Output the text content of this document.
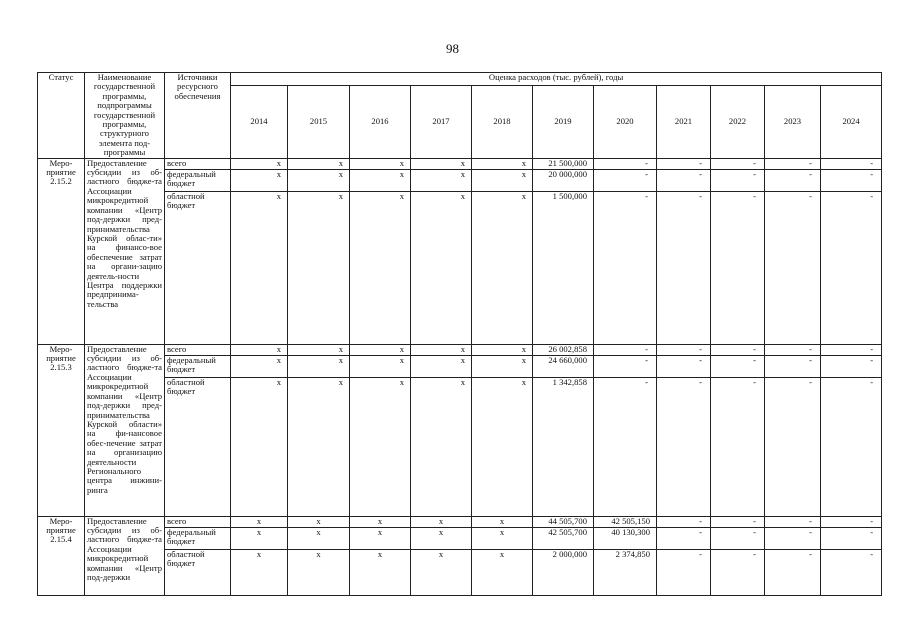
98
Статус	Наименование государственной программы, подпрограммы государственной программы, структурного элемента под-программы	Источники ресурсного обеспечения	Оценка расходов (тыс. рублей), годы										
			2014	2015	2016	2017	2018	2019	2020	2021	2022	2023	2024
Меро-приятие 2.15.2	Предоставление субсидии из об-ластного бюдже-та Ассоциации микрокредитной компании «Центр под-держки пред-принимательства Курской облас-ти» на финансо-вое обеспечение затрат на органи-зацию деятель-ности Центра поддержки предпринима-тельства	всего	x	x	x	x	x	21 500,000	-	-	-	-	-
		федеральный бюджет	x	x	x	x	x	20 000,000	-	-	-	-	-
		областной бюджет	x	x	x	x	x	1 500,000	-	-	-	-	-
Меро-приятие 2.15.3	Предоставление субсидии из об-ластного бюдже-та Ассоциации микрокредитной компании «Центр под-держки пред-принимательства Курской области» на фи-нансовое обес-печение затрат на организацию деятельности Регионального центра инжини-ринга	всего	x	x	x	x	x	26 002,858	-	-	-	-	-
		федеральный бюджет	x	x	x	x	x	24 660,000	-	-	-	-	-
		областной бюджет	x	x	x	x	x	1 342,858	-	-	-	-	-
Меро-приятие 2.15.4	Предоставление субсидии из об-ластного бюдже-та Ассоциации микрокредитной компании «Центр под-держки	всего	x	x	x	x	x	44 505,700	42 505,150	-	-	-	-
		федеральный бюджет	x	x	x	x	x	42 505,700	40 130,300	-	-	-	-
		областной бюджет	x	x	x	x	x	2 000,000	2 374,850	-	-	-	-
